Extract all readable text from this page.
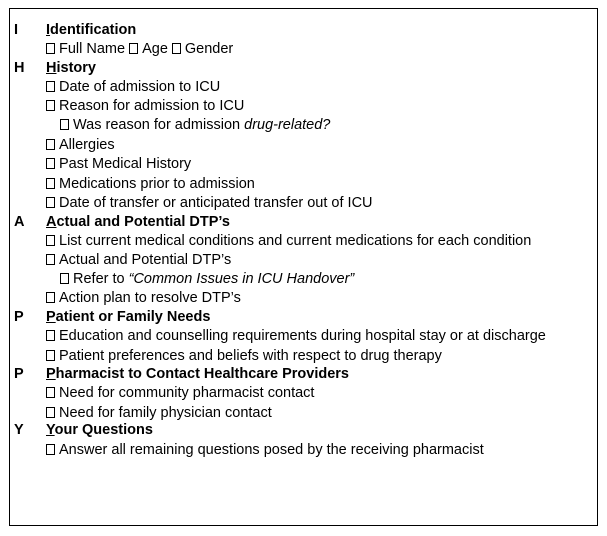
I Identification
Full Name Age Gender
H History
Date of admission to ICU
Reason for admission to ICU
Was reason for admission drug-related?
Allergies
Past Medical History
Medications prior to admission
Date of transfer or anticipated transfer out of ICU
A Actual and Potential DTP’s
List current medical conditions and current medications for each condition
Actual and Potential DTP’s
Refer to “Common Issues in ICU Handover”
Action plan to resolve DTP’s
P Patient or Family Needs
Education and counselling requirements during hospital stay or at discharge
Patient preferences and beliefs with respect to drug therapy
P Pharmacist to Contact Healthcare Providers
Need for community pharmacist contact
Need for family physician contact
Y Your Questions
Answer all remaining questions posed by the receiving pharmacist
